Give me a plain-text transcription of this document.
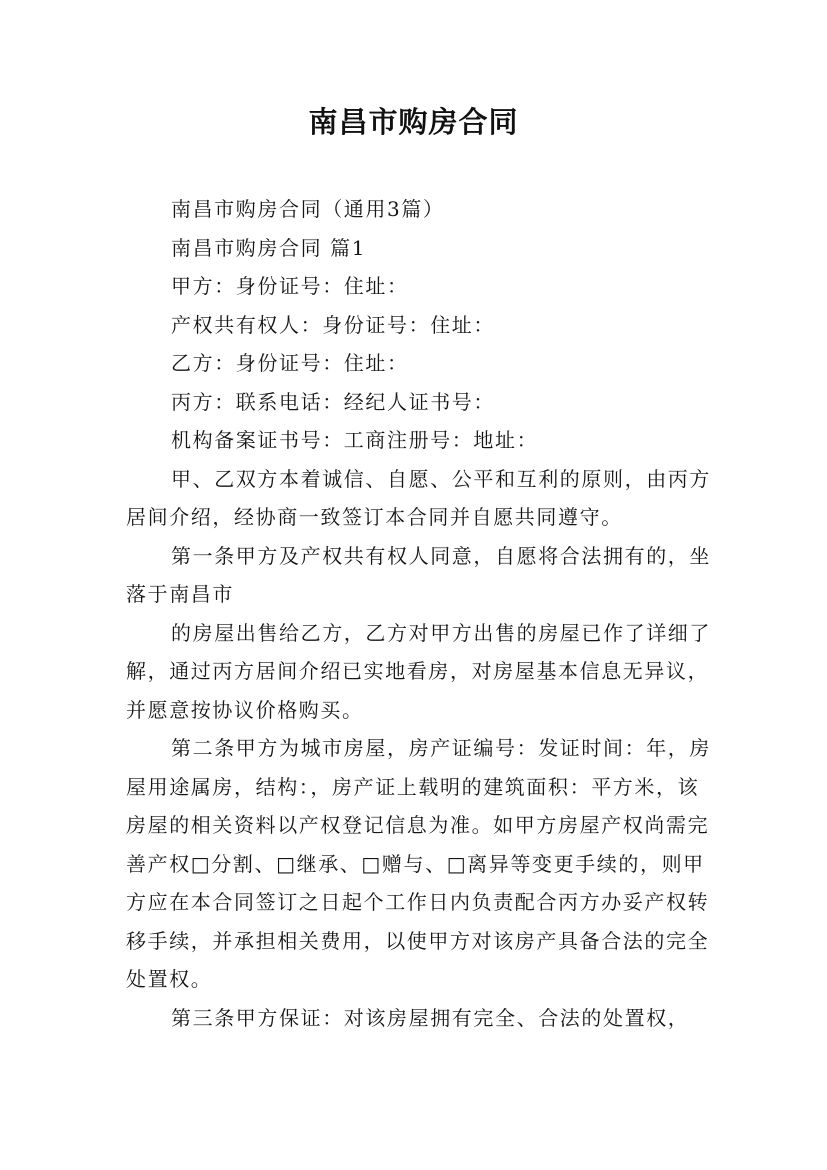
南昌市购房合同

南昌市购房合同（通用3篇）

南昌市购房合同 篇1

甲方：身份证号：住址：

产权共有权人：身份证号：住址：

乙方：身份证号：住址：

丙方：联系电话：经纪人证书号：

机构备案证书号：工商注册号：地址：

甲、乙双方本着诚信、自愿、公平和互利的原则，由丙方居间介绍，经协商一致签订本合同并自愿共同遵守。

第一条甲方及产权共有权人同意，自愿将合法拥有的，坐落于南昌市

的房屋出售给乙方，乙方对甲方出售的房屋已作了详细了解，通过丙方居间介绍已实地看房，对房屋基本信息无异议，并愿意按协议价格购买。

第二条甲方为城市房屋，房产证编号：发证时间：年，房屋用途属房，结构：，房产证上载明的建筑面积：平方米，该房屋的相关资料以产权登记信息为准。如甲方房屋产权尚需完善产权□分割、□继承、□赠与、□离异等变更手续的，则甲方应在本合同签订之日起个工作日内负责配合丙方办妥产权转移手续，并承担相关费用，以使甲方对该房产具备合法的完全处置权。

第三条甲方保证：对该房屋拥有完全、合法的处置权，
